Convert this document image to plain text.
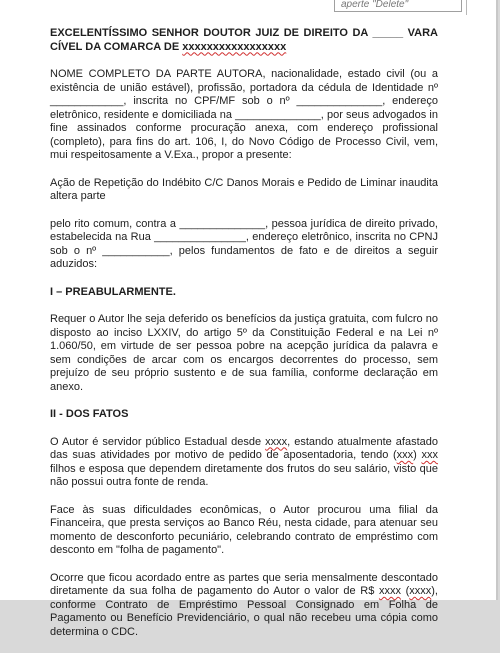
aperte "Delete"

EXCELENTÍSSIMO SENHOR DOUTOR JUIZ DE DIREITO DA _____ VARA CÍVEL DA COMARCA DE xxxxxxxxxxxxxxxxx

NOME COMPLETO DA PARTE AUTORA, nacionalidade, estado civil (ou a existência de união estável), profissão, portadora da cédula de Identidade nº ____________, inscrita no CPF/MF sob o nº ______________, endereço eletrônico, residente e domiciliada na ______________, por seus advogados in fine assinados conforme procuração anexa, com endereço profissional (completo), para fins do art. 106, I, do Novo Código de Processo Civil, vem, mui respeitosamente a V.Exa., propor a presente:

Ação de Repetição do Indébito C/C Danos Morais e Pedido de Liminar inaudita altera parte

pelo rito comum, contra a ______________, pessoa jurídica de direito privado, estabelecida na Rua _______________, endereço eletrônico, inscrita no CPNJ sob o nº ___________, pelos fundamentos de fato e de direitos a seguir aduzidos:

I – PREABULARMENTE.

Requer o Autor lhe seja deferido os benefícios da justiça gratuita, com fulcro no disposto ao inciso LXXIV, do artigo 5º da Constituição Federal e na Lei nº 1.060/50, em virtude de ser pessoa pobre na acepção jurídica da palavra e sem condições de arcar com os encargos decorrentes do processo, sem prejuízo de seu próprio sustento e de sua família, conforme declaração em anexo.

II - DOS FATOS

O Autor é servidor público Estadual desde xxxx, estando atualmente afastado das suas atividades por motivo de pedido de aposentadoria, tendo (xxx) xxx filhos e esposa que dependem diretamente dos frutos do seu salário, visto que não possui outra fonte de renda.

Face às suas dificuldades econômicas, o Autor procurou uma filial da Financeira, que presta serviços ao Banco Réu, nesta cidade, para atenuar seu momento de desconforto pecuniário, celebrando contrato de empréstimo com desconto em "folha de pagamento".

Ocorre que ficou acordado entre as partes que seria mensalmente descontado diretamente da sua folha de pagamento do Autor o valor de R$ xxxx (xxxx), conforme Contrato de Empréstimo Pessoal Consignado em Folha de Pagamento ou Benefício Previdenciário, o qual não recebeu uma cópia como determina o CDC.
